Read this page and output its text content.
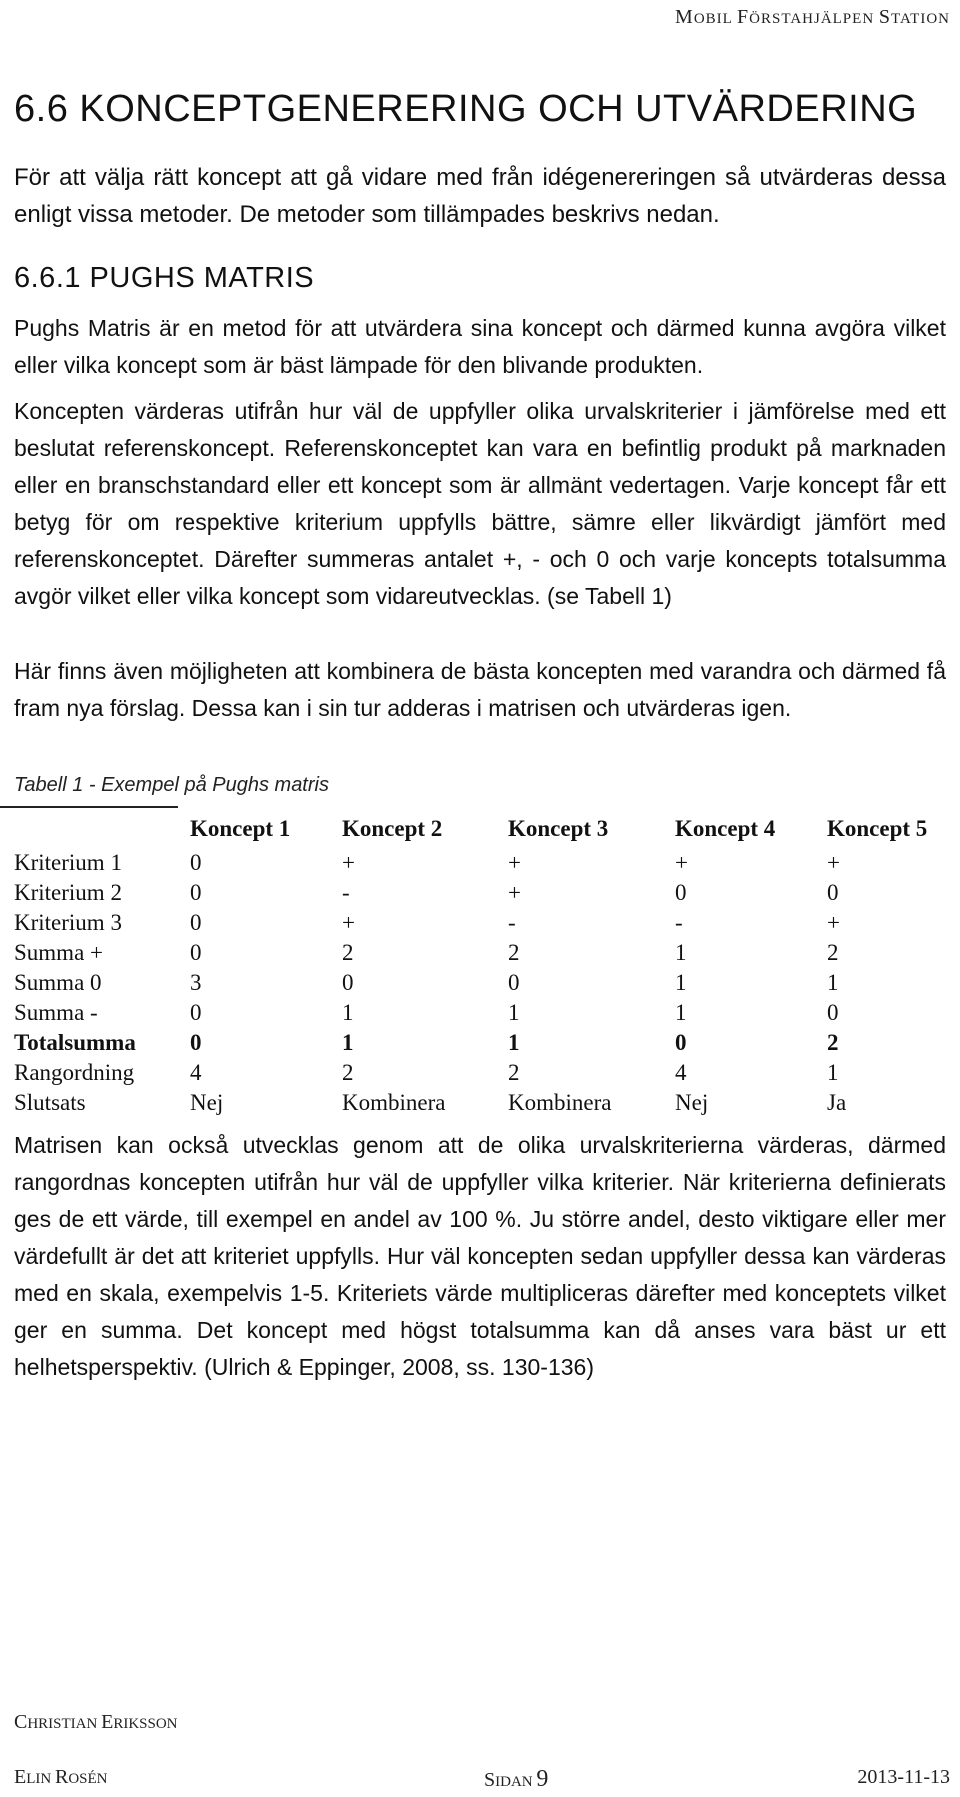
MOBIL FÖRSTAHJÄLPEN STATION
6.6 KONCEPTGENERERING OCH UTVÄRDERING
För att välja rätt koncept att gå vidare med från idégenereringen så utvärderas dessa enligt vissa metoder. De metoder som tillämpades beskrivs nedan.
6.6.1 PUGHS MATRIS
Pughs Matris är en metod för att utvärdera sina koncept och därmed kunna avgöra vilket eller vilka koncept som är bäst lämpade för den blivande produkten.
Koncepten värderas utifrån hur väl de uppfyller olika urvalskriterier i jämförelse med ett beslutat referenskoncept. Referenskonceptet kan vara en befintlig produkt på marknaden eller en branschstandard eller ett koncept som är allmänt vedertagen. Varje koncept får ett betyg för om respektive kriterium uppfylls bättre, sämre eller likvärdigt jämfört med referenskonceptet. Därefter summeras antalet +, - och 0 och varje koncepts totalsumma avgör vilket eller vilka koncept som vidareutvecklas. (se Tabell 1)
Här finns även möjligheten att kombinera de bästa koncepten med varandra och därmed få fram nya förslag. Dessa kan i sin tur adderas i matrisen och utvärderas igen.
Tabell 1 - Exempel på Pughs matris
	Koncept 1	Koncept 2	Koncept 3	Koncept 4	Koncept 5
Kriterium 1	0	+	+	+	+
Kriterium 2	0	-	+	0	0
Kriterium 3	0	+	-	-	+
Summa +	0	2	2	1	2
Summa 0	3	0	0	1	1
Summa -	0	1	1	1	0
Totalsumma	0	1	1	0	2
Rangordning	4	2	2	4	1
Slutsats	Nej	Kombinera	Kombinera	Nej	Ja
Matrisen kan också utvecklas genom att de olika urvalskriterierna värderas, därmed rangordnas koncepten utifrån hur väl de uppfyller vilka kriterier. När kriterierna definierats ges de ett värde, till exempel en andel av 100 %. Ju större andel, desto viktigare eller mer värdefullt är det att kriteriet uppfylls. Hur väl koncepten sedan uppfyller dessa kan värderas med en skala, exempelvis 1-5. Kriteriets värde multipliceras därefter med konceptets vilket ger en summa. Det koncept med högst totalsumma kan då anses vara bäst ur ett helhetsperspektiv. (Ulrich & Eppinger, 2008, ss. 130-136)
CHRISTIAN ERIKSSON
ELIN ROSÉN	SIDAN 9	2013-11-13
